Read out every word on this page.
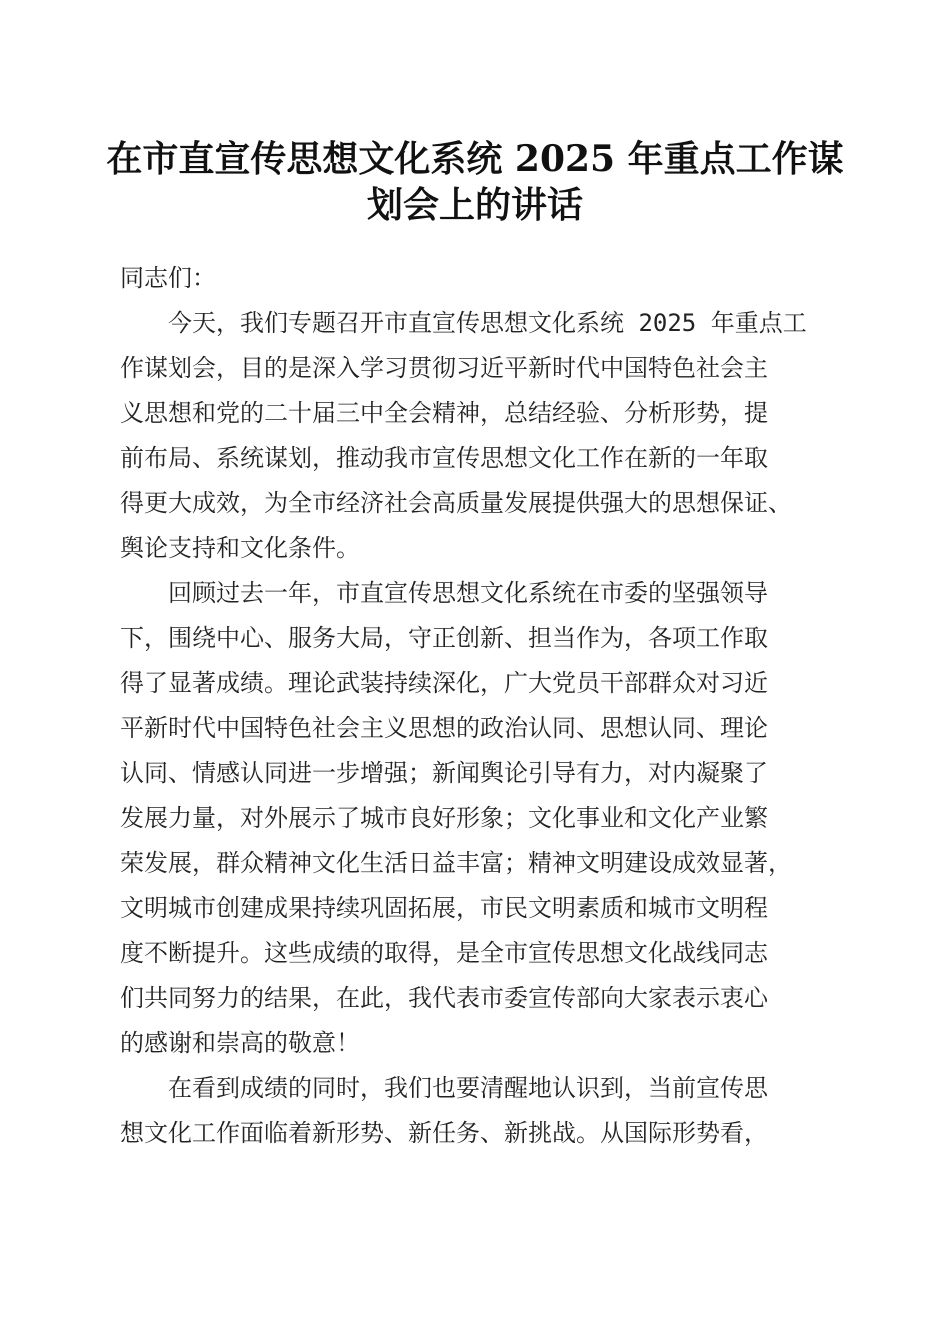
在市直宣传思想文化系统 2025 年重点工作谋
划会上的讲话
同志们：
今天，我们专题召开市直宣传思想文化系统 2025 年重点工
作谋划会，目的是深入学习贯彻习近平新时代中国特色社会主
义思想和党的二十届三中全会精神，总结经验、分析形势，提
前布局、系统谋划，推动我市宣传思想文化工作在新的一年取
得更大成效，为全市经济社会高质量发展提供强大的思想保证、
舆论支持和文化条件。
回顾过去一年，市直宣传思想文化系统在市委的坚强领导
下，围绕中心、服务大局，守正创新、担当作为，各项工作取
得了显著成绩。理论武装持续深化，广大党员干部群众对习近
平新时代中国特色社会主义思想的政治认同、思想认同、理论
认同、情感认同进一步增强；新闻舆论引导有力，对内凝聚了
发展力量，对外展示了城市良好形象；文化事业和文化产业繁
荣发展，群众精神文化生活日益丰富；精神文明建设成效显著，
文明城市创建成果持续巩固拓展，市民文明素质和城市文明程
度不断提升。这些成绩的取得，是全市宣传思想文化战线同志
们共同努力的结果，在此，我代表市委宣传部向大家表示衷心
的感谢和崇高的敬意！
在看到成绩的同时，我们也要清醒地认识到，当前宣传思
想文化工作面临着新形势、新任务、新挑战。从国际形势看，
